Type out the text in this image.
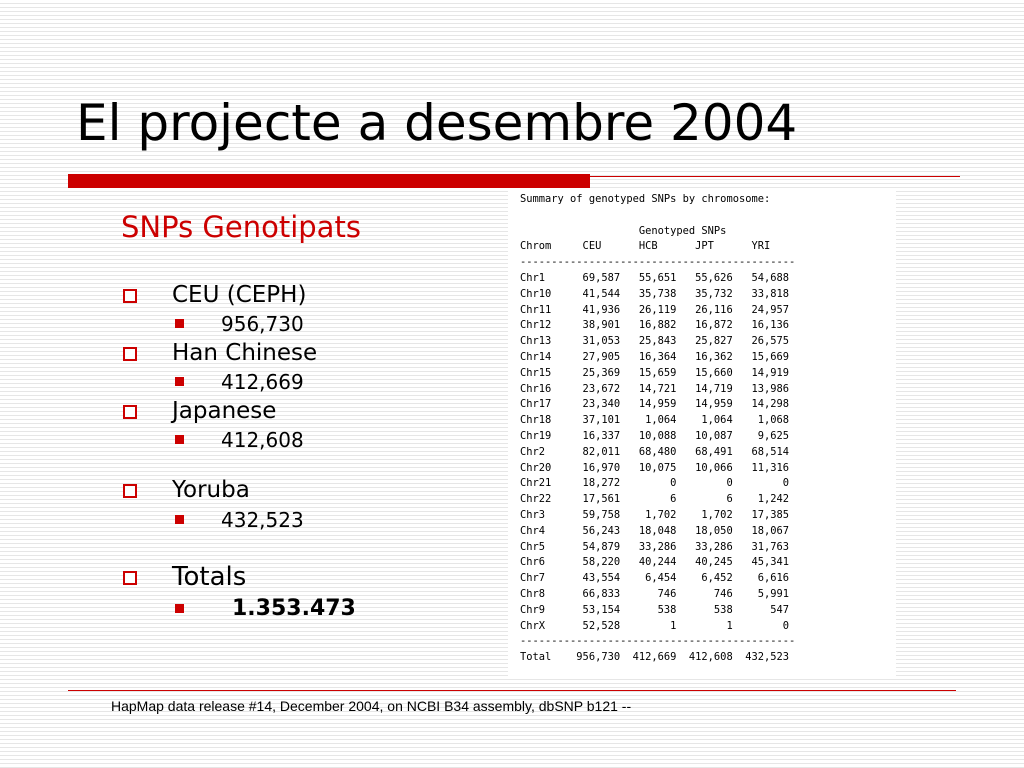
El projecte a desembre 2004
SNPs Genotipats
CEU (CEPH)
956,730
Han Chinese
412,669
Japanese
412,608
Yoruba
432,523
Totals
1.353.473
Summary of genotyped SNPs by chromosome:

Genotyped SNPs
Chrom     CEU      HCB      JPT      YRI
--------------------------------------------
Chr1      69,587   55,651   55,626   54,688
Chr10     41,544   35,738   35,732   33,818
Chr11     41,936   26,119   26,116   24,957
Chr12     38,901   16,882   16,872   16,136
Chr13     31,053   25,843   25,827   26,575
Chr14     27,905   16,364   16,362   15,669
Chr15     25,369   15,659   15,660   14,919
Chr16     23,672   14,721   14,719   13,986
Chr17     23,340   14,959   14,959   14,298
Chr18     37,101    1,064    1,064    1,068
Chr19     16,337   10,088   10,087    9,625
Chr2      82,011   68,480   68,491   68,514
Chr20     16,970   10,075   10,066   11,316
Chr21     18,272        0        0        0
Chr22     17,561        6        6    1,242
Chr3      59,758    1,702    1,702   17,385
Chr4      56,243   18,048   18,050   18,067
Chr5      54,879   33,286   33,286   31,763
Chr6      58,220   40,244   40,245   45,341
Chr7      43,554    6,454    6,452    6,616
Chr8      66,833      746      746    5,991
Chr9      53,154      538      538      547
ChrX      52,528        1        1        0
--------------------------------------------
Total    956,730  412,669  412,608  432,523
HapMap data release #14, December 2004, on NCBI B34 assembly, dbSNP b121 --
